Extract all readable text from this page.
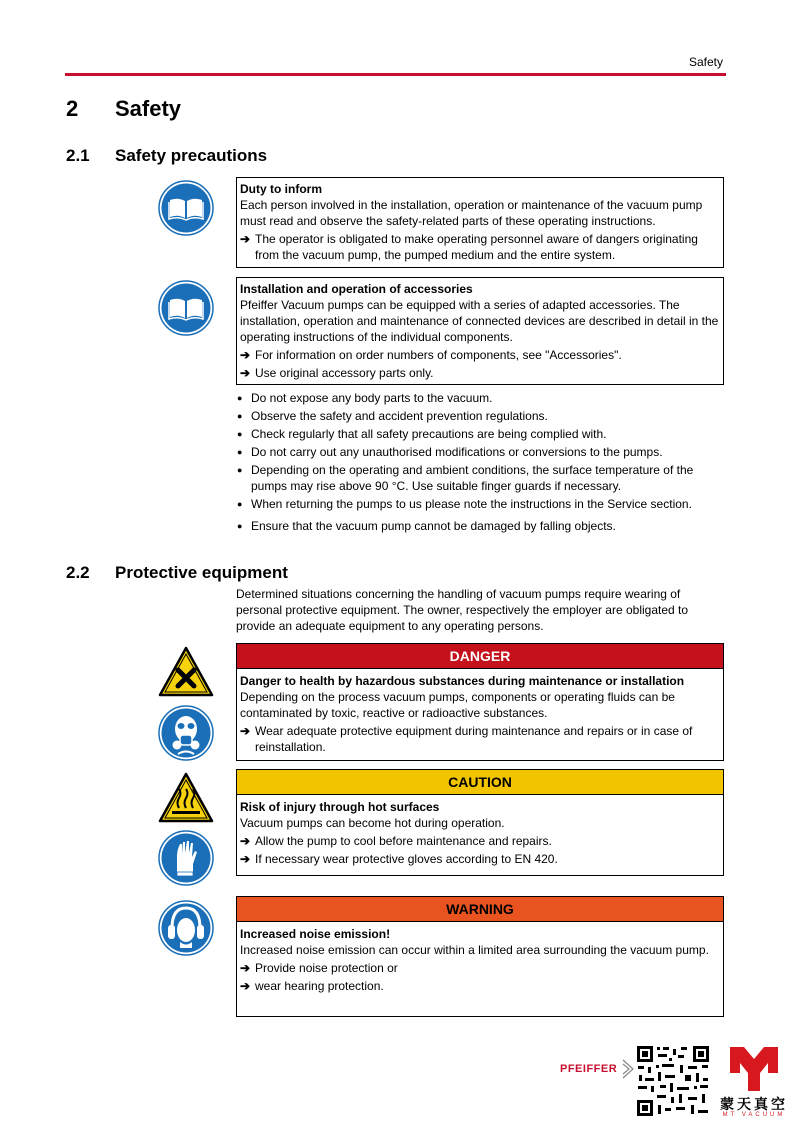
Safety
2 Safety
2.1 Safety precautions
Duty to inform
Each person involved in the installation, operation or maintenance of the vacuum pump must read and observe the safety-related parts of these operating instructions.
➔ The operator is obligated to make operating personnel aware of dangers originating from the vacuum pump, the pumped medium and the entire system.
Installation and operation of accessories
Pfeiffer Vacuum pumps can be equipped with a series of adapted accessories. The installation, operation and maintenance of connected devices are described in detail in the operating instructions of the individual components.
➔ For information on order numbers of components, see "Accessories".
➔ Use original accessory parts only.
● Do not expose any body parts to the vacuum.
● Observe the safety and accident prevention regulations.
● Check regularly that all safety precautions are being complied with.
● Do not carry out any unauthorised modifications or conversions to the pumps.
● Depending on the operating and ambient conditions, the surface temperature of the pumps may rise above 90 °C. Use suitable finger guards if necessary.
● When returning the pumps to us please note the instructions in the Service section.
● Ensure that the vacuum pump cannot be damaged by falling objects.
2.2 Protective equipment
Determined situations concerning the handling of vacuum pumps require wearing of personal protective equipment. The owner, respectively the employer are obligated to provide an adequate equipment to any operating persons.
DANGER
Danger to health by hazardous substances during maintenance or installation
Depending on the process vacuum pumps, components or operating fluids can be contaminated by toxic, reactive or radioactive substances.
➔ Wear adequate protective equipment during maintenance and repairs or in case of reinstallation.
CAUTION
Risk of injury through hot surfaces
Vacuum pumps can become hot during operation.
➔ Allow the pump to cool before maintenance and repairs.
➔ If necessary wear protective gloves according to EN 420.
WARNING
Increased noise emission!
Increased noise emission can occur within a limited area surrounding the vacuum pump.
➔ Provide noise protection or
➔ wear hearing protection.
PFEIFFER
蒙天真空
MT VACUUM
